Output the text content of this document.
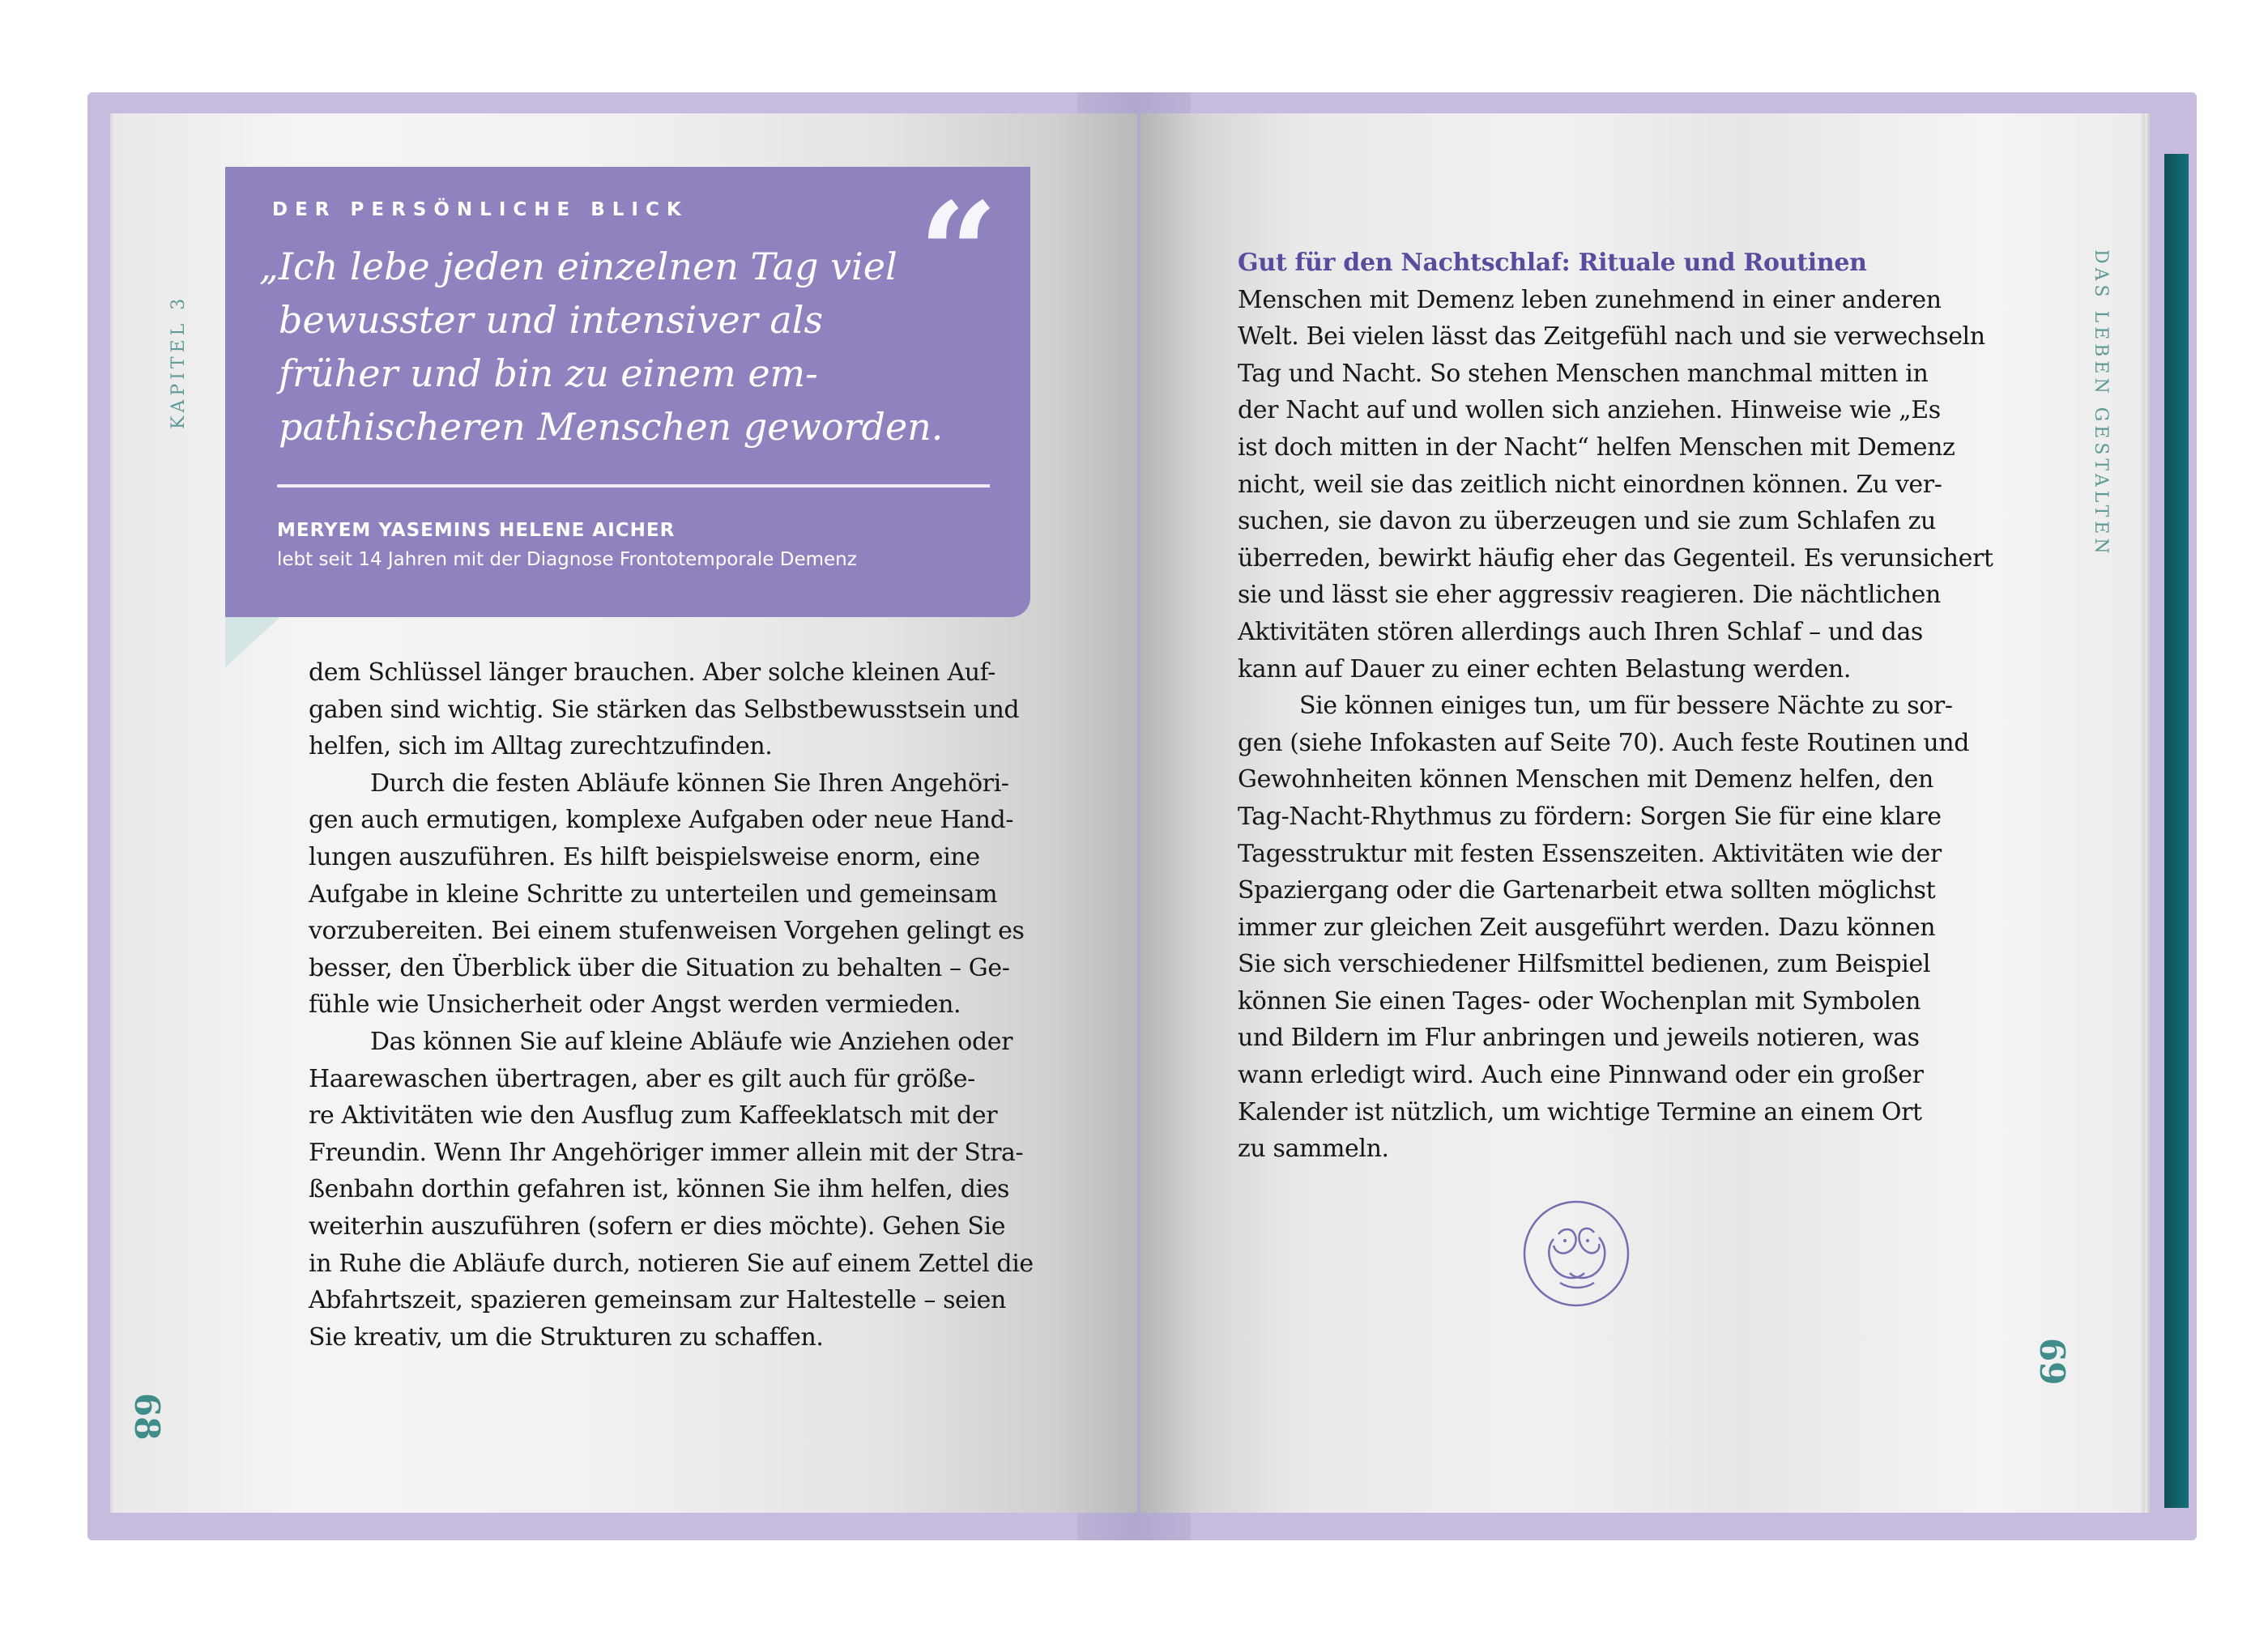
KAPITEL 3
DER PERSÖNLICHE BLICK “
„Ich lebe jeden einzelnen Tag viel
bewusster und intensiver als
früher und bin zu einem em-
pathischeren Menschen geworden.
MERYEM YASEMINS HELENE AICHER
lebt seit 14 Jahren mit der Diagnose Frontotemporale Demenz
dem Schlüssel länger brauchen. Aber solche kleinen Auf-
gaben sind wichtig. Sie stärken das Selbstbewusstsein und
helfen, sich im Alltag zurechtzufinden.
Durch die festen Abläufe können Sie Ihren Angehöri-
gen auch ermutigen, komplexe Aufgaben oder neue Hand-
lungen auszuführen. Es hilft beispielsweise enorm, eine
Aufgabe in kleine Schritte zu unterteilen und gemeinsam
vorzubereiten. Bei einem stufenweisen Vorgehen gelingt es
besser, den Überblick über die Situation zu behalten – Ge-
fühle wie Unsicherheit oder Angst werden vermieden.
Das können Sie auf kleine Abläufe wie Anziehen oder
Haarewaschen übertragen, aber es gilt auch für größe-
re Aktivitäten wie den Ausflug zum Kaffeeklatsch mit der
Freundin. Wenn Ihr Angehöriger immer allein mit der Stra-
ßenbahn dorthin gefahren ist, können Sie ihm helfen, dies
weiterhin auszuführen (sofern er dies möchte). Gehen Sie
in Ruhe die Abläufe durch, notieren Sie auf einem Zettel die
Abfahrtszeit, spazieren gemeinsam zur Haltestelle – seien
Sie kreativ, um die Strukturen zu schaffen.
68
Gut für den Nachtschlaf: Rituale und Routinen
Menschen mit Demenz leben zunehmend in einer anderen
Welt. Bei vielen lässt das Zeitgefühl nach und sie verwechseln
Tag und Nacht. So stehen Menschen manchmal mitten in
der Nacht auf und wollen sich anziehen. Hinweise wie „Es
ist doch mitten in der Nacht“ helfen Menschen mit Demenz
nicht, weil sie das zeitlich nicht einordnen können. Zu ver-
suchen, sie davon zu überzeugen und sie zum Schlafen zu
überreden, bewirkt häufig eher das Gegenteil. Es verunsichert
sie und lässt sie eher aggressiv reagieren. Die nächtlichen
Aktivitäten stören allerdings auch Ihren Schlaf – und das
kann auf Dauer zu einer echten Belastung werden.
Sie können einiges tun, um für bessere Nächte zu sor-
gen (siehe Infokasten auf Seite 70). Auch feste Routinen und
Gewohnheiten können Menschen mit Demenz helfen, den
Tag-Nacht-Rhythmus zu fördern: Sorgen Sie für eine klare
Tagesstruktur mit festen Essenszeiten. Aktivitäten wie der
Spaziergang oder die Gartenarbeit etwa sollten möglichst
immer zur gleichen Zeit ausgeführt werden. Dazu können
Sie sich verschiedener Hilfsmittel bedienen, zum Beispiel
können Sie einen Tages- oder Wochenplan mit Symbolen
und Bildern im Flur anbringen und jeweils notieren, was
wann erledigt wird. Auch eine Pinnwand oder ein großer
Kalender ist nützlich, um wichtige Termine an einem Ort
zu sammeln.
DAS LEBEN GESTALTEN
69
